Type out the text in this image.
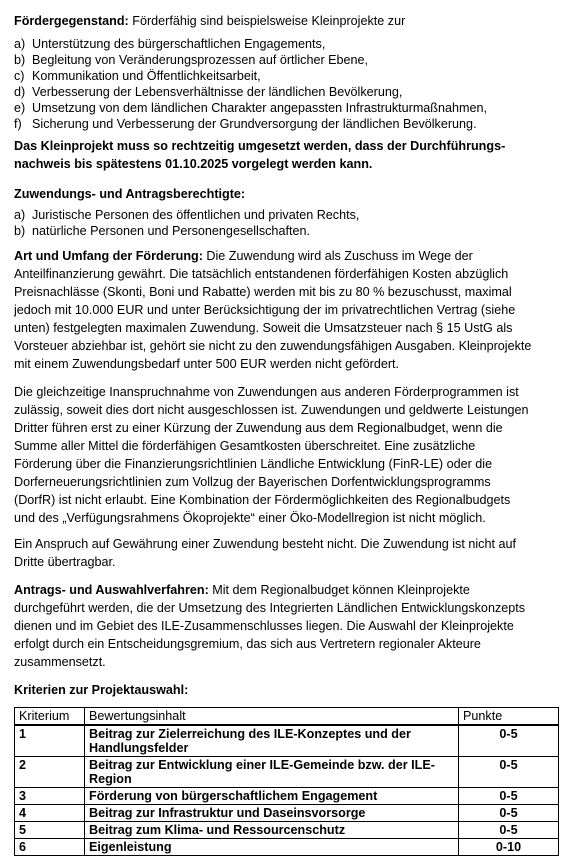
Fördergegenstand: Förderfähig sind beispielsweise Kleinprojekte zur

a) Unterstützung des bürgerschaftlichen Engagements,
b) Begleitung von Veränderungsprozessen auf örtlicher Ebene,
c) Kommunikation und Öffentlichkeitsarbeit,
d) Verbesserung der Lebensverhältnisse der ländlichen Bevölkerung,
e) Umsetzung von dem ländlichen Charakter angepassten Infrastrukturmaßnahmen,
f) Sicherung und Verbesserung der Grundversorgung der ländlichen Bevölkerung.

Das Kleinprojekt muss so rechtzeitig umgesetzt werden, dass der Durchführungs-

nachweis bis spätestens 01.10.2025 vorgelegt werden kann.

Zuwendungs- und Antragsberechtigte:

a) Juristische Personen des öffentlichen und privaten Rechts,
b) natürliche Personen und Personengesellschaften.

Art und Umfang der Förderung: Die Zuwendung wird als Zuschuss im Wege der

Anteilfinanzierung gewährt. Die tatsächlich entstandenen förderfähigen Kosten abzüglich

Preisnachlässe (Skonti, Boni und Rabatte) werden mit bis zu 80 % bezuschusst, maximal

jedoch mit 10.000 EUR und unter Berücksichtigung der im privatrechtlichen Vertrag (siehe

unten) festgelegten maximalen Zuwendung. Soweit die Umsatzsteuer nach § 15 UstG als

Vorsteuer abziehbar ist, gehört sie nicht zu den zuwendungsfähigen Ausgaben. Kleinprojekte

mit einem Zuwendungsbedarf unter 500 EUR werden nicht gefördert.

Die gleichzeitige Inanspruchnahme von Zuwendungen aus anderen Förderprogrammen ist

zulässig, soweit dies dort nicht ausgeschlossen ist. Zuwendungen und geldwerte Leistungen

Dritter führen erst zu einer Kürzung der Zuwendung aus dem Regionalbudget, wenn die

Summe aller Mittel die förderfähigen Gesamtkosten überschreitet. Eine zusätzliche

Förderung über die Finanzierungsrichtlinien Ländliche Entwicklung (FinR-LE) oder die

Dorferneuerungsrichtlinien zum Vollzug der Bayerischen Dorfentwicklungsprogramms

(DorfR) ist nicht erlaubt. Eine Kombination der Fördermöglichkeiten des Regionalbudgets

und des „Verfügungsrahmens Ökoprojekte“ einer Öko-Modellregion ist nicht möglich.

Ein Anspruch auf Gewährung einer Zuwendung besteht nicht. Die Zuwendung ist nicht auf

Dritte übertragbar.

Antrags- und Auswahlverfahren: Mit dem Regionalbudget können Kleinprojekte

durchgeführt werden, die der Umsetzung des Integrierten Ländlichen Entwicklungskonzepts

dienen und im Gebiet des ILE-Zusammenschlusses liegen. Die Auswahl der Kleinprojekte

erfolgt durch ein Entscheidungsgremium, das sich aus Vertretern regionaler Akteure

zusammensetzt.

Kriterien zur Projektauswahl:
Kriterium	Bewertungsinhalt	Punkte
1	Beitrag zur Zielerreichung des ILE-Konzeptes und der Handlungsfelder	0-5
2	Beitrag zur Entwicklung einer ILE-Gemeinde bzw. der ILE-Region	0-5
3	Förderung von bürgerschaftlichem Engagement	0-5
4	Beitrag zur Infrastruktur und Daseinsvorsorge	0-5
5	Beitrag zum Klima- und Ressourcenschutz	0-5
6	Eigenleistung	0-10
